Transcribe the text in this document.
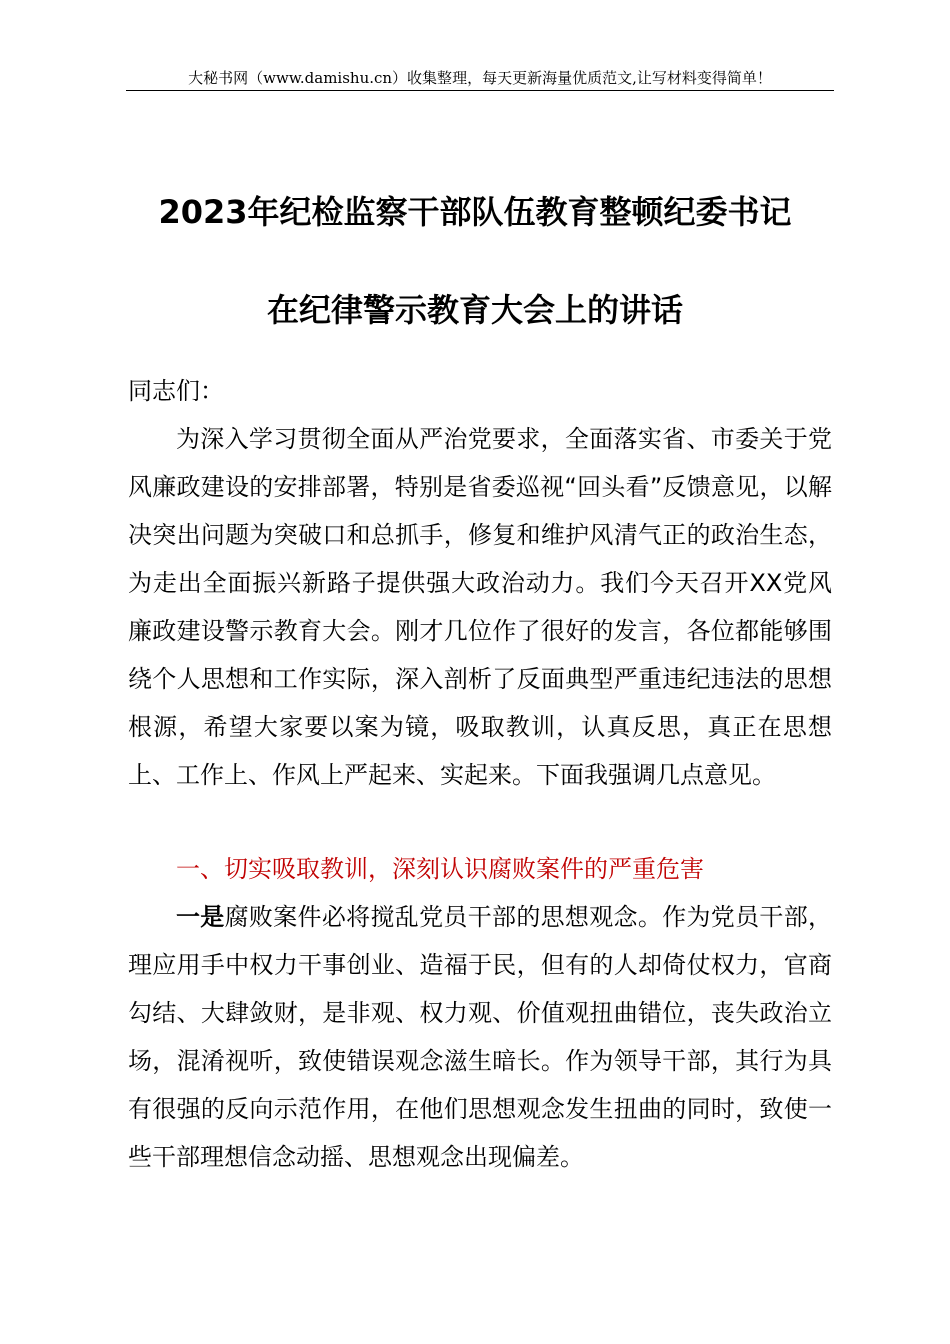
大秘书网（www.damishu.cn）收集整理，每天更新海量优质范文,让写材料变得简单！
2023年纪检监察干部队伍教育整顿纪委书记
在纪律警示教育大会上的讲话
同志们：
为深入学习贯彻全面从严治党要求，全面落实省、市委关于党风廉政建设的安排部署，特别是省委巡视“回头看”反馈意见，以解决突出问题为突破口和总抓手，修复和维护风清气正的政治生态，为走出全面振兴新路子提供强大政治动力。我们今天召开XX党风廉政建设警示教育大会。刚才几位作了很好的发言，各位都能够围绕个人思想和工作实际，深入剖析了反面典型严重违纪违法的思想根源，希望大家要以案为镜，吸取教训，认真反思，真正在思想上、工作上、作风上严起来、实起来。下面我强调几点意见。
一、切实吸取教训，深刻认识腐败案件的严重危害
一是腐败案件必将搅乱党员干部的思想观念。作为党员干部，理应用手中权力干事创业、造福于民，但有的人却倚仗权力，官商勾结、大肆敛财，是非观、权力观、价值观扭曲错位，丧失政治立场，混淆视听，致使错误观念滋生暗长。作为领导干部，其行为具有很强的反向示范作用，在他们思想观念发生扭曲的同时，致使一些干部理想信念动摇、思想观念出现偏差。
